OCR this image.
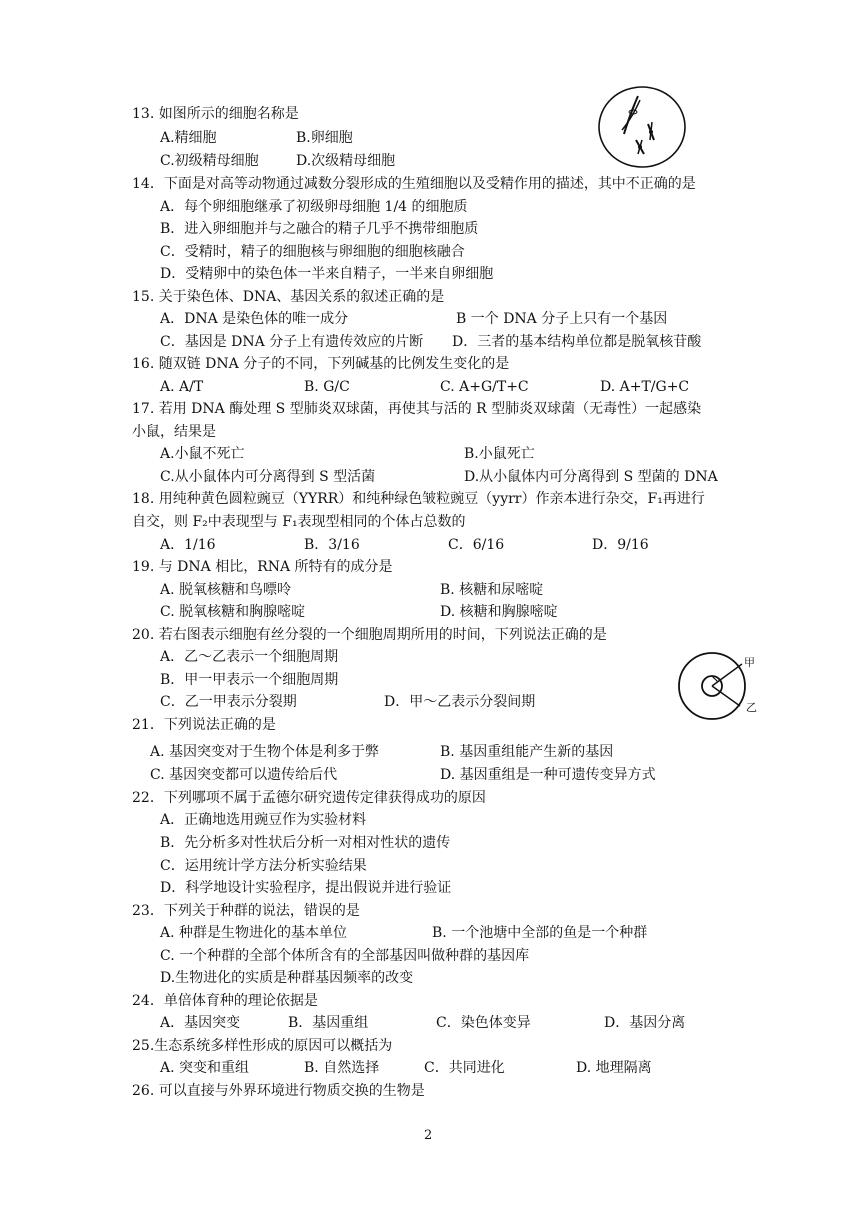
13. 如图所示的细胞名称是
A.精细胞	B.卵细胞
C.初级精母细胞	D.次级精母细胞
14．下面是对高等动物通过减数分裂形成的生殖细胞以及受精作用的描述，其中不正确的是
A．每个卵细胞继承了初级卵母细胞 1/4 的细胞质
B．进入卵细胞并与之融合的精子几乎不携带细胞质
C．受精时，精子的细胞核与卵细胞的细胞核融合
D．受精卵中的染色体一半来自精子，一半来自卵细胞
15. 关于染色体、DNA、基因关系的叙述正确的是
A．DNA 是染色体的唯一成分	B 一个 DNA 分子上只有一个基因
C．基因是 DNA 分子上有遗传效应的片断 D．三者的基本结构单位都是脱氧核苷酸
16. 随双链 DNA 分子的不同，下列碱基的比例发生变化的是
A. A/T	B. G/C	C. A+G/T+C	D. A+T/G+C
17. 若用 DNA 酶处理 S 型肺炎双球菌，再使其与活的 R 型肺炎双球菌（无毒性）一起感染
小鼠，结果是
A.小鼠不死亡	B.小鼠死亡
C.从小鼠体内可分离得到 S 型活菌	D.从小鼠体内可分离得到 S 型菌的 DNA
18. 用纯种黄色圆粒豌豆（YYRR）和纯种绿色皱粒豌豆（yyrr）作亲本进行杂交，F₁再进行
自交，则 F₂中表现型与 F₁表现型相同的个体占总数的
A．1/16	B．3/16	C．6/16	D．9/16
19. 与 DNA 相比，RNA 所特有的成分是
A. 脱氧核糖和鸟嘌呤	B. 核糖和尿嘧啶
C. 脱氧核糖和胸腺嘧啶	D. 核糖和胸腺嘧啶
20. 若右图表示细胞有丝分裂的一个细胞周期所用的时间，下列说法正确的是
A．乙～乙表示一个细胞周期
B．甲一甲表示一个细胞周期
C．乙一甲表示分裂期	D．甲～乙表示分裂间期
甲
乙
21．下列说法正确的是
A. 基因突变对于生物个体是利多于弊	B. 基因重组能产生新的基因
C. 基因突变都可以遗传给后代	D. 基因重组是一种可遗传变异方式
22．下列哪项不属于孟德尔研究遗传定律获得成功的原因
A．正确地选用豌豆作为实验材料
B．先分析多对性状后分析一对相对性状的遗传
C．运用统计学方法分析实验结果
D．科学地设计实验程序，提出假说并进行验证
23．下列关于种群的说法，错误的是
A. 种群是生物进化的基本单位	B. 一个池塘中全部的鱼是一个种群
C. 一个种群的全部个体所含有的全部基因叫做种群的基因库
D.生物进化的实质是种群基因频率的改变
24．单倍体育种的理论依据是
A．基因突变	B．基因重组	C．染色体变异	D．基因分离
25.生态系统多样性形成的原因可以概括为
A. 突变和重组	B. 自然选择	C．共同进化	D. 地理隔离
26. 可以直接与外界环境进行物质交换的生物是
2
